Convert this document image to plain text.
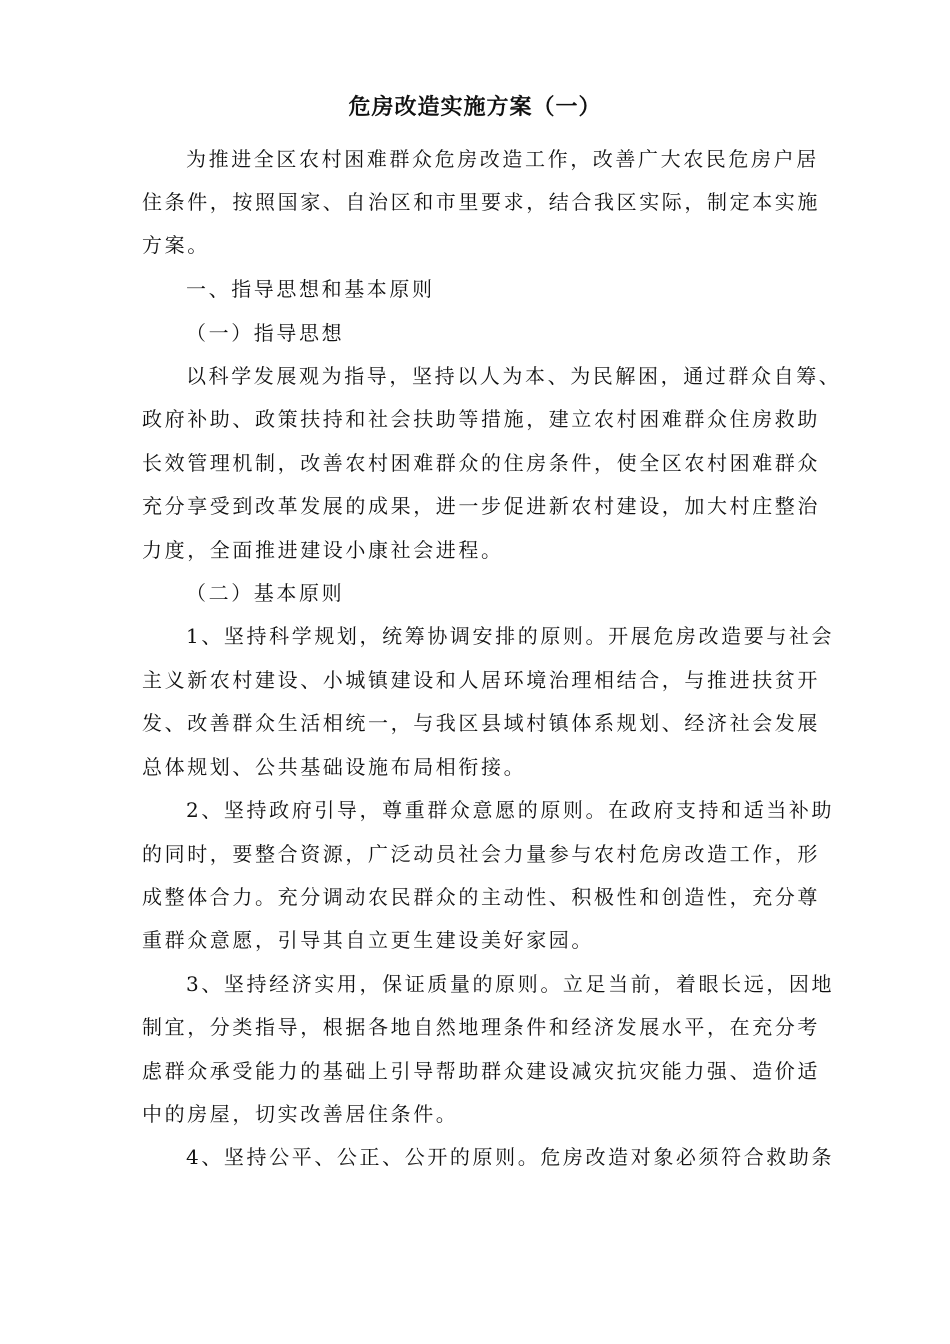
危房改造实施方案（一）
为推进全区农村困难群众危房改造工作，改善广大农民危房户居
住条件，按照国家、自治区和市里要求，结合我区实际，制定本实施
方案。
一、指导思想和基本原则
（一）指导思想
以科学发展观为指导，坚持以人为本、为民解困，通过群众自筹、
政府补助、政策扶持和社会扶助等措施，建立农村困难群众住房救助
长效管理机制，改善农村困难群众的住房条件，使全区农村困难群众
充分享受到改革发展的成果，进一步促进新农村建设，加大村庄整治
力度，全面推进建设小康社会进程。
（二）基本原则
1、坚持科学规划，统筹协调安排的原则。开展危房改造要与社会
主义新农村建设、小城镇建设和人居环境治理相结合，与推进扶贫开
发、改善群众生活相统一，与我区县域村镇体系规划、经济社会发展
总体规划、公共基础设施布局相衔接。
2、坚持政府引导，尊重群众意愿的原则。在政府支持和适当补助
的同时，要整合资源，广泛动员社会力量参与农村危房改造工作，形
成整体合力。充分调动农民群众的主动性、积极性和创造性，充分尊
重群众意愿，引导其自立更生建设美好家园。
3、坚持经济实用，保证质量的原则。立足当前，着眼长远，因地
制宜，分类指导，根据各地自然地理条件和经济发展水平，在充分考
虑群众承受能力的基础上引导帮助群众建设减灾抗灾能力强、造价适
中的房屋，切实改善居住条件。
4、坚持公平、公正、公开的原则。危房改造对象必须符合救助条
